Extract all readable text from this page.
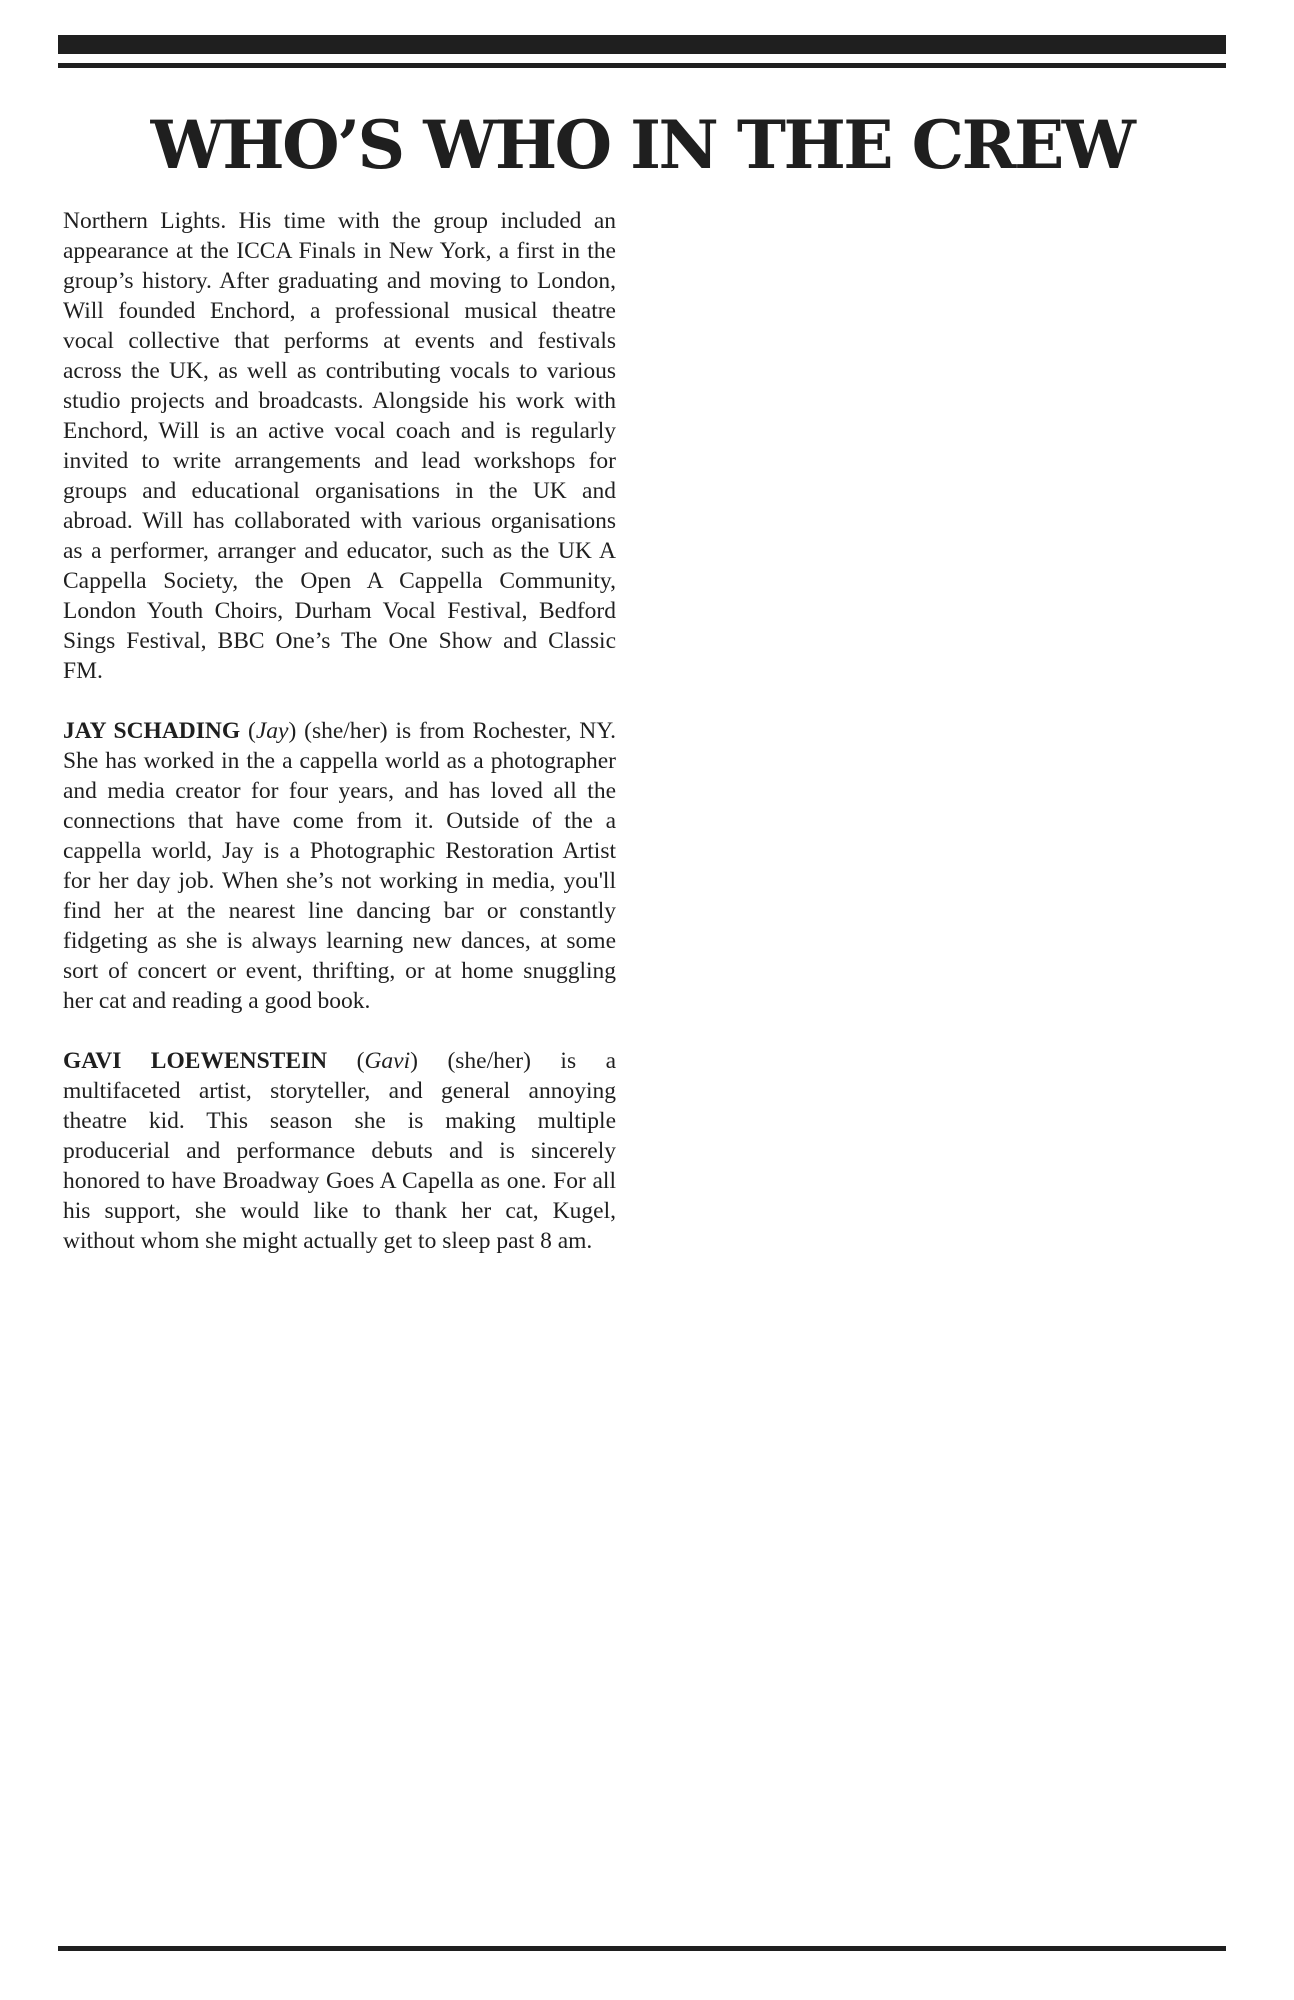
WHO’S WHO IN THE CREW

Northern Lights. His time with the group included an appearance at the ICCA Finals in New York, a first in the group’s history. After graduating and moving to London, Will founded Enchord, a professional musical theatre vocal collective that performs at events and festivals across the UK, as well as contributing vocals to various studio projects and broadcasts. Alongside his work with Enchord, Will is an active vocal coach and is regularly invited to write arrangements and lead workshops for groups and educational organisations in the UK and abroad. Will has collaborated with various organisations as a performer, arranger and educator, such as the UK A Cappella Society, the Open A Cappella Community, London Youth Choirs, Durham Vocal Festival, Bedford Sings Festival, BBC One’s The One Show and Classic FM.

JAY SCHADING (Jay) (she/her) is from Rochester, NY. She has worked in the a cappella world as a photographer and media creator for four years, and has loved all the connections that have come from it. Outside of the a cappella world, Jay is a Photographic Restoration Artist for her day job. When she’s not working in media, you'll find her at the nearest line dancing bar or constantly fidgeting as she is always learning new dances, at some sort of concert or event, thrifting, or at home snuggling her cat and reading a good book.

GAVI LOEWENSTEIN (Gavi) (she/her) is a multifaceted artist, storyteller, and general annoying theatre kid. This season she is making multiple producerial and performance debuts and is sincerely honored to have Broadway Goes A Capella as one. For all his support, she would like to thank her cat, Kugel, without whom she might actually get to sleep past 8 am.
